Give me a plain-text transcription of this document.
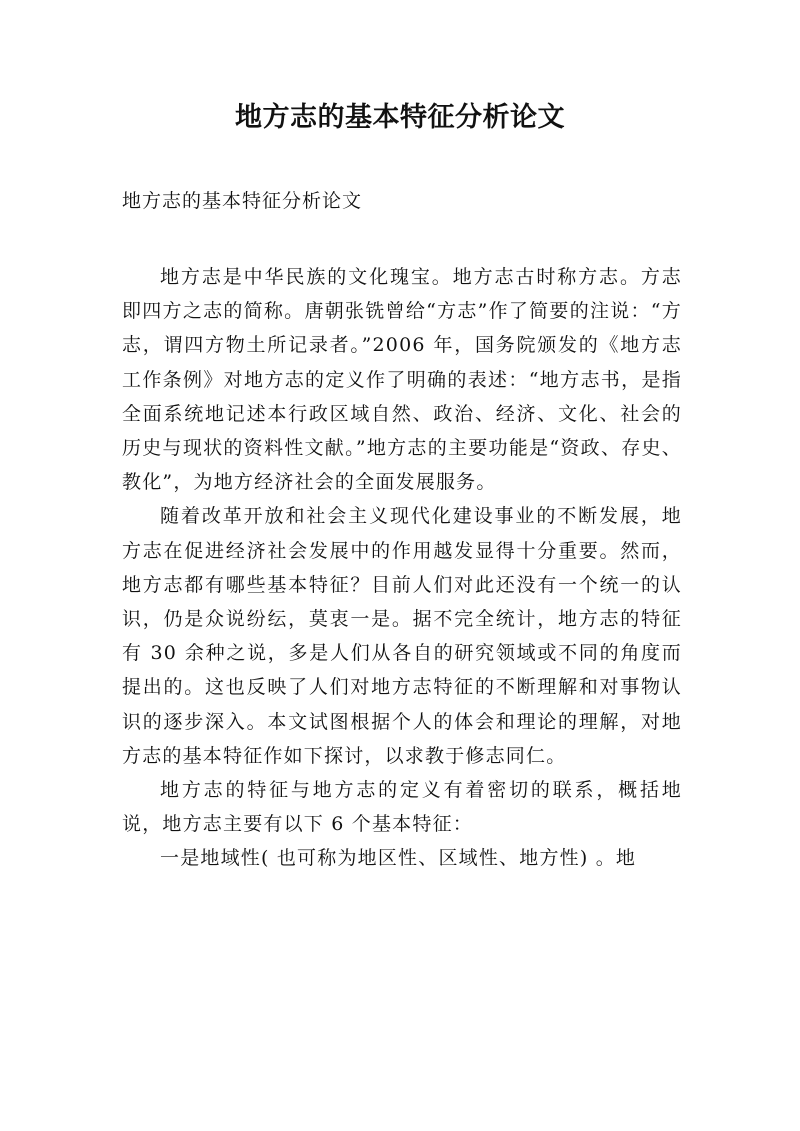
地方志的基本特征分析论文

地方志的基本特征分析论文

地方志是中华民族的文化瑰宝。地方志古时称方志。方志即四方之志的简称。唐朝张铣曾给“方志”作了简要的注说：“方志，谓四方物土所记录者。”2006 年，国务院颁发的《地方志工作条例》对地方志的定义作了明确的表述：“地方志书，是指全面系统地记述本行政区域自然、政治、经济、文化、社会的历史与现状的资料性文献。”地方志的主要功能是“资政、存史、教化”，为地方经济社会的全面发展服务。

随着改革开放和社会主义现代化建设事业的不断发展，地方志在促进经济社会发展中的作用越发显得十分重要。然而，地方志都有哪些基本特征？目前人们对此还没有一个统一的认识，仍是众说纷纭，莫衷一是。据不完全统计，地方志的特征有 30 余种之说，多是人们从各自的研究领域或不同的角度而提出的。这也反映了人们对地方志特征的不断理解和对事物认识的逐步深入。本文试图根据个人的体会和理论的理解，对地方志的基本特征作如下探讨，以求教于修志同仁。

地方志的特征与地方志的定义有着密切的联系，概括地说，地方志主要有以下 6 个基本特征：

一是地域性( 也可称为地区性、区域性、地方性) 。地
